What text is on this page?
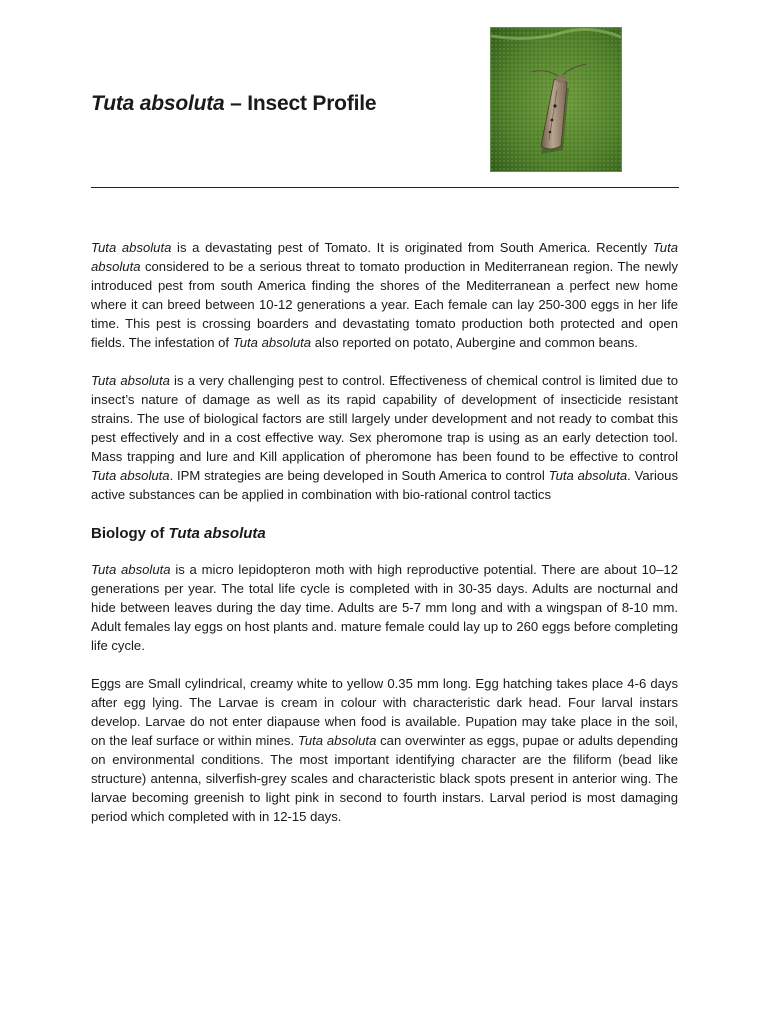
Tuta absoluta – Insect Profile

Tuta absoluta is a devastating pest of Tomato. It is originated from South America. Recently Tuta absoluta considered to be a serious threat to tomato production in Mediterranean region. The newly introduced pest from south America finding the shores of the Mediterranean a perfect new home where it can breed between 10-12 generations a year. Each female can lay 250-300 eggs in her life time. This pest is crossing boarders and devastating tomato production both protected and open fields. The infestation of Tuta absoluta also reported on potato, Aubergine and common beans.

Tuta absoluta is a very challenging pest to control. Effectiveness of chemical control is limited due to insect’s nature of damage as well as its rapid capability of development of insecticide resistant strains. The use of biological factors are still largely under development and not ready to combat this pest effectively and in a cost effective way. Sex pheromone trap is using as an early detection tool. Mass trapping and lure and Kill application of pheromone has been found to be effective to control Tuta absoluta. IPM strategies are being developed in South America to control Tuta absoluta. Various active substances can be applied in combination with bio-rational control tactics

Biology of Tuta absoluta

Tuta absoluta is a micro lepidopteron moth with high reproductive potential. There are about 10–12 generations per year. The total life cycle is completed with in 30-35 days. Adults are nocturnal and hide between leaves during the day time. Adults are 5-7 mm long and with a wingspan of 8-10 mm. Adult females lay eggs on host plants and. mature female could lay up to 260 eggs before completing life cycle.

Eggs are Small cylindrical, creamy white to yellow 0.35 mm long. Egg hatching takes place 4-6 days after egg lying. The Larvae is cream in colour with characteristic dark head. Four larval instars develop. Larvae do not enter diapause when food is available. Pupation may take place in the soil, on the leaf surface or within mines. Tuta absoluta can overwinter as eggs, pupae or adults depending on environmental conditions. The most important identifying character are the filiform (bead like structure) antenna, silverfish-grey scales and characteristic black spots present in anterior wing. The larvae becoming greenish to light pink in second to fourth instars. Larval period is most damaging period which completed with in 12-15 days.
